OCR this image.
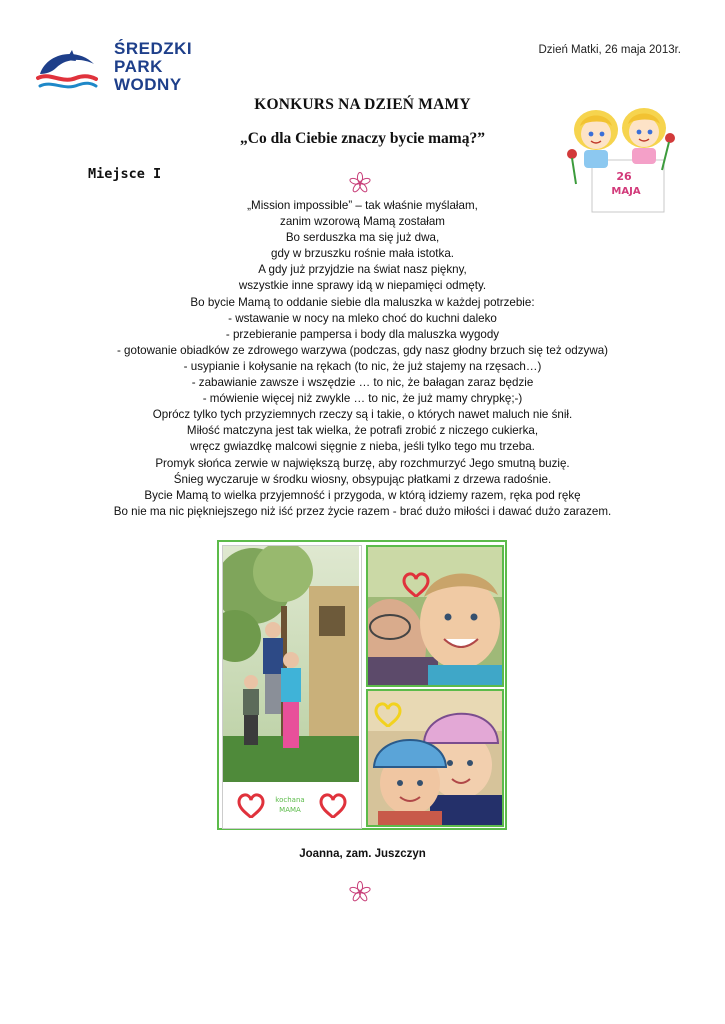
ŚREDZKI
PARK
WODNY
Dzień Matki, 26 maja 2013r.
KONKURS NA DZIEŃ MAMY
„Co dla Ciebie znaczy bycie mamą?”
Miejsce I	26
MAJA
„Mission impossible” – tak właśnie myślałam,
zanim wzorową Mamą zostałam
Bo serduszka ma się już dwa,
gdy w brzuszku rośnie mała istotka.
A gdy już przyjdzie na świat nasz piękny,
wszystkie inne sprawy idą w niepamięci odmęty.
Bo bycie Mamą to oddanie siebie dla maluszka w każdej potrzebie:
- wstawanie w nocy na mleko choć do kuchni daleko
- przebieranie pampersa i body dla maluszka wygody
- gotowanie obiadków ze zdrowego warzywa (podczas, gdy nasz głodny brzuch się też odzywa)
- usypianie i kołysanie na rękach (to nic, że już stajemy na rzęsach…)
- zabawianie zawsze i wszędzie … to nic, że bałagan zaraz będzie
- mówienie więcej niż zwykle … to nic, że już mamy chrypkę;-)
Oprócz tylko tych przyziemnych rzeczy są i takie, o których nawet maluch nie śnił.
Miłość matczyna jest tak wielka, że potrafi zrobić z niczego cukierka,
wręcz gwiazdkę malcowi sięgnie z nieba, jeśli tylko tego mu trzeba.
Promyk słońca zerwie w największą burzę, aby rozchmurzyć Jego smutną buzię.
Śnieg wyczaruje w środku wiosny, obsypując płatkami z drzewa radośnie.
Bycie Mamą to wielka przyjemność i przygoda, w którą idziemy razem, ręka pod rękę
Bo nie ma nic piękniejszego niż iść przez życie razem - brać dużo miłości i dawać dużo zarazem.
kochana
MAMA
Joanna, zam. Juszczyn
